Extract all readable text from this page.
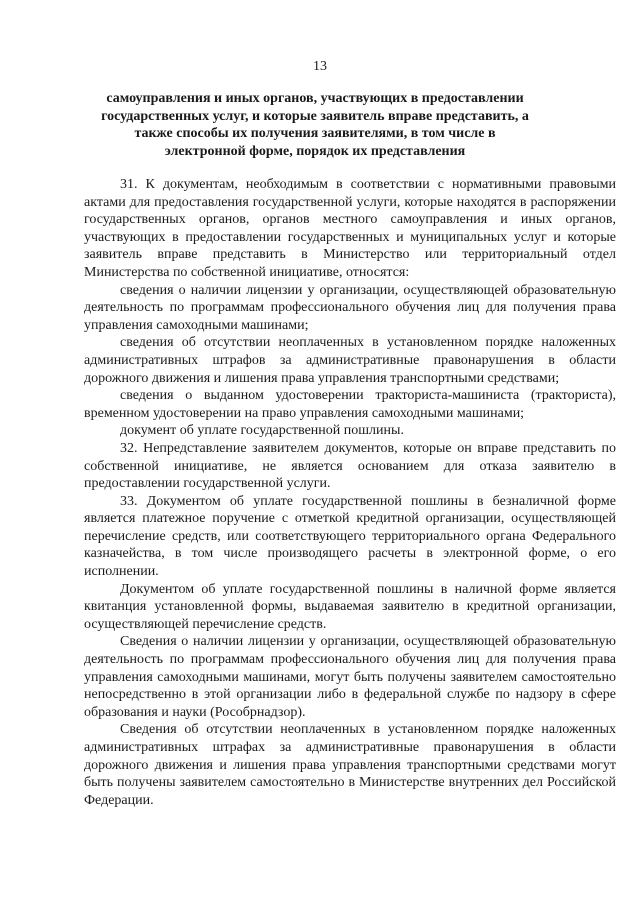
13
самоуправления и иных органов, участвующих в предоставлении государственных услуг, и которые заявитель вправе представить, а также способы их получения заявителями, в том числе в электронной форме, порядок их представления

31. К документам, необходимым в соответствии с нормативными правовыми актами для предоставления государственной услуги, которые находятся в распоряжении государственных органов, органов местного самоуправления и иных органов, участвующих в предоставлении государственных и муниципальных услуг и которые заявитель вправе представить в Министерство или территориальный отдел Министерства по собственной инициативе, относятся:

сведения о наличии лицензии у организации, осуществляющей образовательную деятельность по программам профессионального обучения лиц для получения права управления самоходными машинами;

сведения об отсутствии неоплаченных в установленном порядке наложенных административных штрафов за административные правонарушения в области дорожного движения и лишения права управления транспортными средствами;

сведения о выданном удостоверении тракториста-машиниста (тракториста), временном удостоверении на право управления самоходными машинами;

документ об уплате государственной пошлины.

32. Непредставление заявителем документов, которые он вправе представить по собственной инициативе, не является основанием для отказа заявителю в предоставлении государственной услуги.

33. Документом об уплате государственной пошлины в безналичной форме является платежное поручение с отметкой кредитной организации, осуществляющей перечисление средств, или соответствующего территориального органа Федерального казначейства, в том числе производящего расчеты в электронной форме, о его исполнении.

Документом об уплате государственной пошлины в наличной форме является квитанция установленной формы, выдаваемая заявителю в кредитной организации, осуществляющей перечисление средств.

Сведения о наличии лицензии у организации, осуществляющей образовательную деятельность по программам профессионального обучения лиц для получения права управления самоходными машинами, могут быть получены заявителем самостоятельно непосредственно в этой организации либо в федеральной службе по надзору в сфере образования и науки (Рособрнадзор).

Сведения об отсутствии неоплаченных в установленном порядке наложенных административных штрафах за административные правонарушения в области дорожного движения и лишения права управления транспортными средствами могут быть получены заявителем самостоятельно в Министерстве внутренних дел Российской Федерации.
